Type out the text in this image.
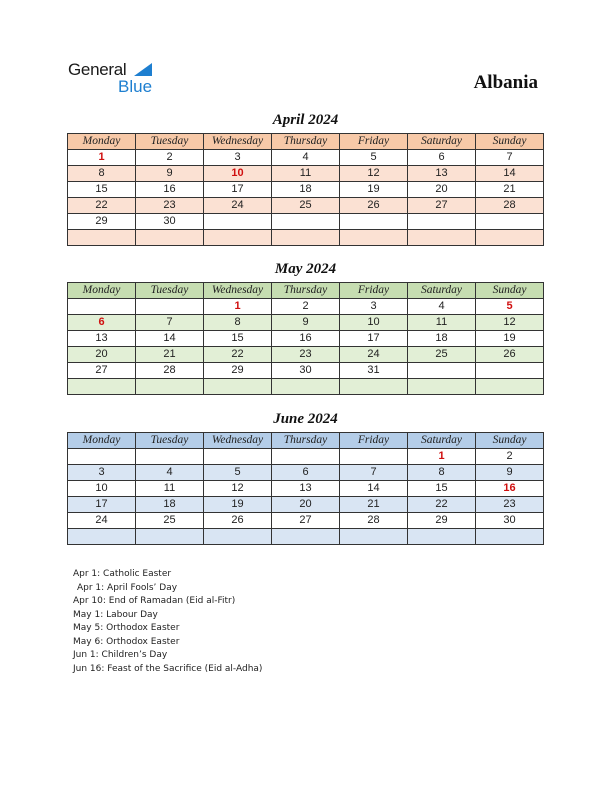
General
Blue	Albania
April 2024
Monday	Tuesday	Wednesday	Thursday	Friday	Saturday	Sunday
1	2	3	4	5	6	7
8	9	10	11	12	13	14
15	16	17	18	19	20	21
22	23	24	25	26	27	28
29	30					

May 2024
Monday	Tuesday	Wednesday	Thursday	Friday	Saturday	Sunday
		1	2	3	4	5
6	7	8	9	10	11	12
13	14	15	16	17	18	19
20	21	22	23	24	25	26
27	28	29	30	31		

June 2024
Monday	Tuesday	Wednesday	Thursday	Friday	Saturday	Sunday
					1	2
3	4	5	6	7	8	9
10	11	12	13	14	15	16
17	18	19	20	21	22	23
24	25	26	27	28	29	30

Apr 1: Catholic Easter
Apr 1: April Fools’ Day
Apr 10: End of Ramadan (Eid al-Fitr)
May 1: Labour Day
May 5: Orthodox Easter
May 6: Orthodox Easter
Jun 1: Children’s Day
Jun 16: Feast of the Sacrifice (Eid al-Adha)
